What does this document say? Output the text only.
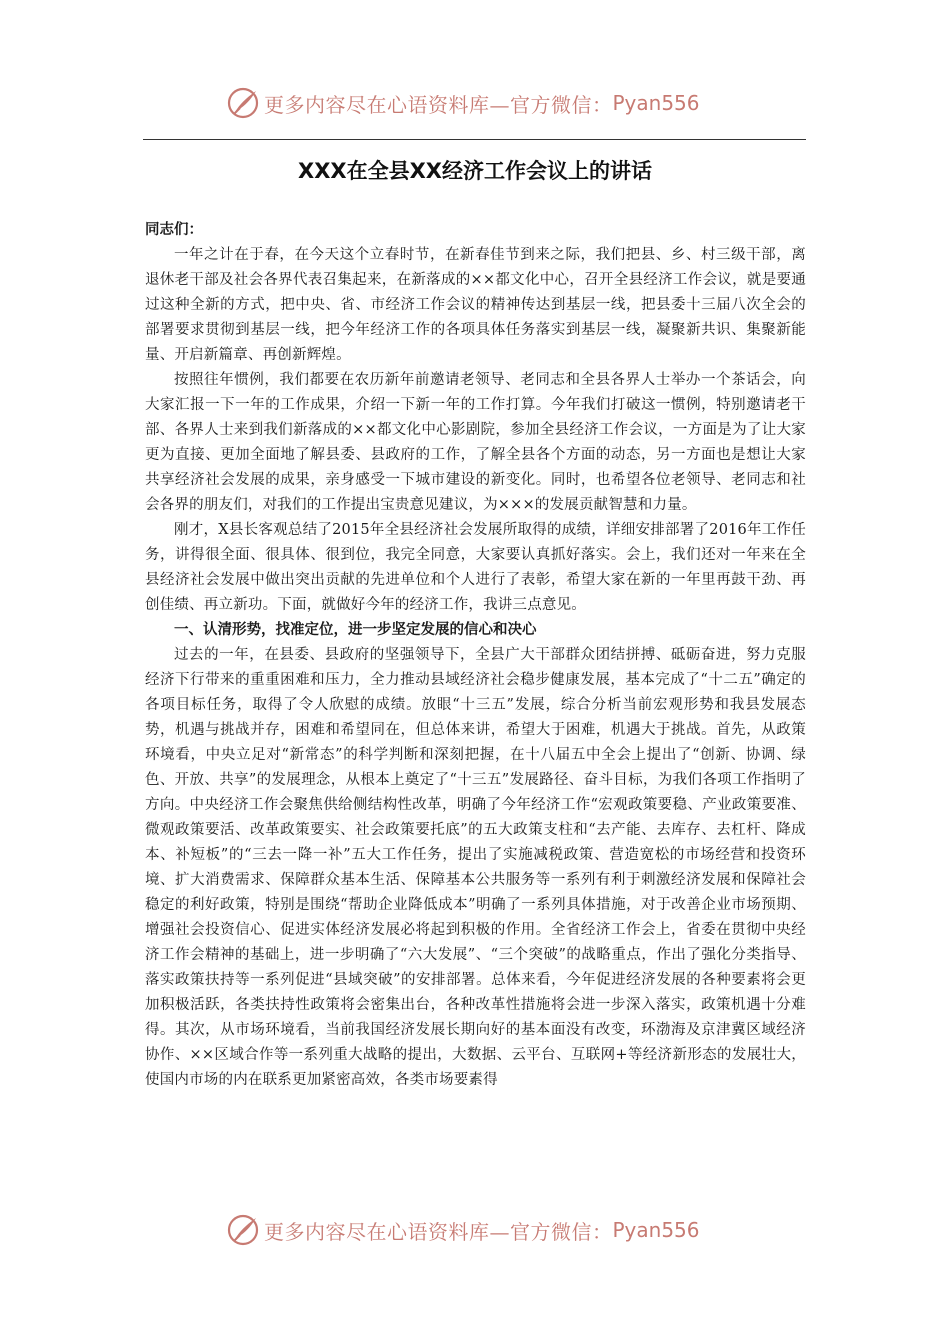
更多内容尽在心语资料库—官方微信： Pyan556
XXX在全县XX经济工作会议上的讲话

同志们：

一年之计在于春，在今天这个立春时节，在新春佳节到来之际，我们把县、乡、村三级干部，离退休老干部及社会各界代表召集起来，在新落成的××都文化中心，召开全县经济工作会议，就是要通过这种全新的方式，把中央、省、市经济工作会议的精神传达到基层一线，把县委十三届八次全会的部署要求贯彻到基层一线，把今年经济工作的各项具体任务落实到基层一线，凝聚新共识、集聚新能量、开启新篇章、再创新辉煌。

按照往年惯例，我们都要在农历新年前邀请老领导、老同志和全县各界人士举办一个茶话会，向大家汇报一下一年的工作成果，介绍一下新一年的工作打算。今年我们打破这一惯例，特别邀请老干部、各界人士来到我们新落成的××都文化中心影剧院，参加全县经济工作会议，一方面是为了让大家更为直接、更加全面地了解县委、县政府的工作，了解全县各个方面的动态，另一方面也是想让大家共享经济社会发展的成果，亲身感受一下城市建设的新变化。同时，也希望各位老领导、老同志和社会各界的朋友们，对我们的工作提出宝贵意见建议，为×××的发展贡献智慧和力量。

刚才，X县长客观总结了2015年全县经济社会发展所取得的成绩，详细安排部署了2016年工作任务，讲得很全面、很具体、很到位，我完全同意，大家要认真抓好落实。会上，我们还对一年来在全县经济社会发展中做出突出贡献的先进单位和个人进行了表彰，希望大家在新的一年里再鼓干劲、再创佳绩、再立新功。下面，就做好今年的经济工作，我讲三点意见。

一、认清形势，找准定位，进一步坚定发展的信心和决心

过去的一年，在县委、县政府的坚强领导下，全县广大干部群众团结拼搏、砥砺奋进，努力克服经济下行带来的重重困难和压力，全力推动县域经济社会稳步健康发展，基本完成了“十二五”确定的各项目标任务，取得了令人欣慰的成绩。放眼“十三五”发展，综合分析当前宏观形势和我县发展态势，机遇与挑战并存，困难和希望同在，但总体来讲，希望大于困难，机遇大于挑战。首先，从政策环境看，中央立足对“新常态”的科学判断和深刻把握，在十八届五中全会上提出了“创新、协调、绿色、开放、共享”的发展理念，从根本上奠定了“十三五”发展路径、奋斗目标，为我们各项工作指明了方向。中央经济工作会聚焦供给侧结构性改革，明确了今年经济工作“宏观政策要稳、产业政策要准、微观政策要活、改革政策要实、社会政策要托底”的五大政策支柱和“去产能、去库存、去杠杆、降成本、补短板”的“三去一降一补”五大工作任务，提出了实施减税政策、营造宽松的市场经营和投资环境、扩大消费需求、保障群众基本生活、保障基本公共服务等一系列有利于刺激经济发展和保障社会稳定的利好政策，特别是围绕“帮助企业降低成本”明确了一系列具体措施，对于改善企业市场预期、增强社会投资信心、促进实体经济发展必将起到积极的作用。全省经济工作会上，省委在贯彻中央经济工作会精神的基础上，进一步明确了“六大发展”、“三个突破”的战略重点，作出了强化分类指导、落实政策扶持等一系列促进“县域突破”的安排部署。总体来看，今年促进经济发展的各种要素将会更加积极活跃，各类扶持性政策将会密集出台，各种改革性措施将会进一步深入落实，政策机遇十分难得。其次，从市场环境看，当前我国经济发展长期向好的基本面没有改变，环渤海及京津冀区域经济协作、××区域合作等一系列重大战略的提出，大数据、云平台、互联网+等经济新形态的发展壮大，使国内市场的内在联系更加紧密高效，各类市场要素得

更多内容尽在心语资料库—官方微信： Pyan556
